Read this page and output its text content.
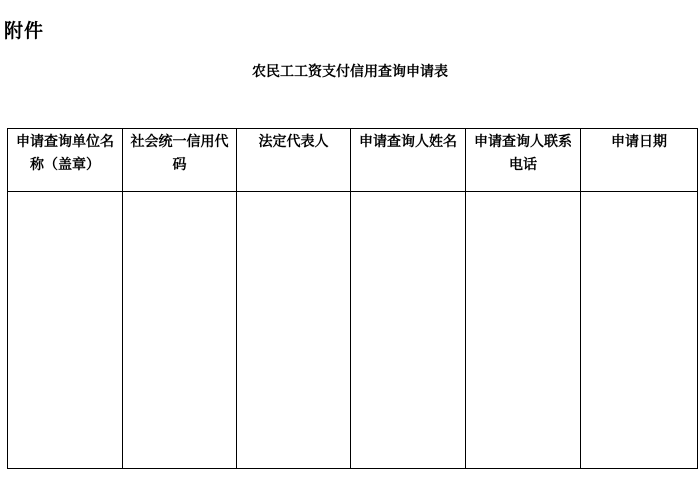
附件
农民工工资支付信用查询申请表
申请查询单位名称（盖章）	社会统一信用代码	法定代表人	申请查询人姓名	申请查询人联系电话	申请日期
